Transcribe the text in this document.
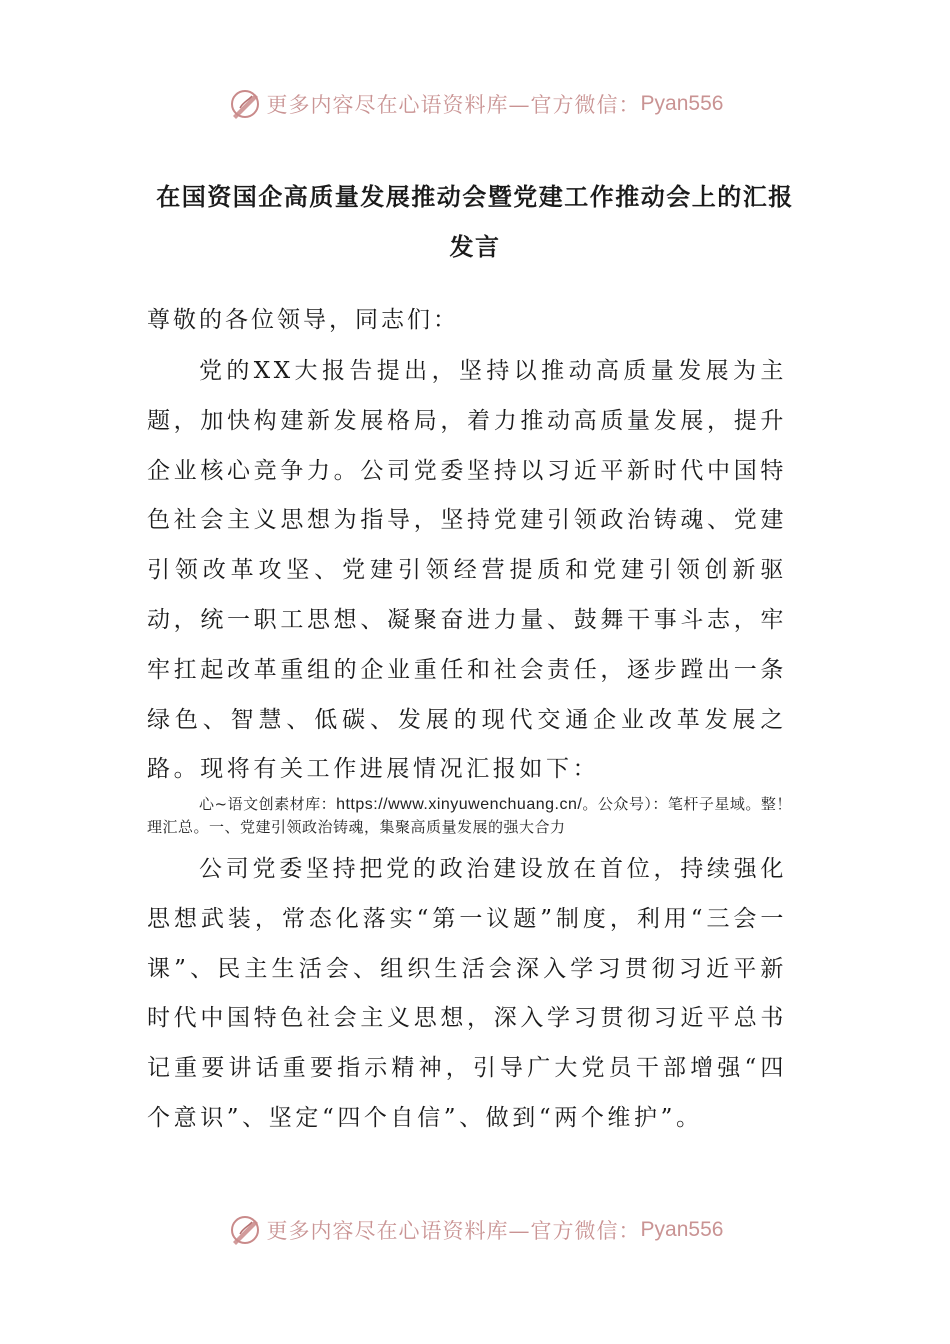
更多内容尽在心语资料库—官方微信： Pyan556
在国资国企高质量发展推动会暨党建工作推动会上的汇报
发言
尊敬的各位领导，同志们：

党的XX大报告提出，坚持以推动高质量发展为主题，加快构建新发展格局，着力推动高质量发展，提升企业核心竞争力。公司党委坚持以习近平新时代中国特色社会主义思想为指导，坚持党建引领政治铸魂、党建引领改革攻坚、党建引领经营提质和党建引领创新驱动，统一职工思想、凝聚奋进力量、鼓舞干事斗志，牢牢扛起改革重组的企业重任和社会责任，逐步蹚出一条绿色、智慧、低碳、发展的现代交通企业改革发展之路。现将有关工作进展情况汇报如下：

心~语文创素材库：https://www.xinyuwenchuang.cn/。公众号）：笔杆子星域。整！理汇总。一、党建引领政治铸魂，集聚高质量发展的强大合力

公司党委坚持把党的政治建设放在首位，持续强化思想武装，常态化落实“第一议题”制度，利用“三会一课”、民主生活会、组织生活会深入学习贯彻习近平新时代中国特色社会主义思想，深入学习贯彻习近平总书记重要讲话重要指示精神，引导广大党员干部增强“四个意识”、坚定“四个自信”、做到“两个维护”。

更多内容尽在心语资料库—官方微信： Pyan556
